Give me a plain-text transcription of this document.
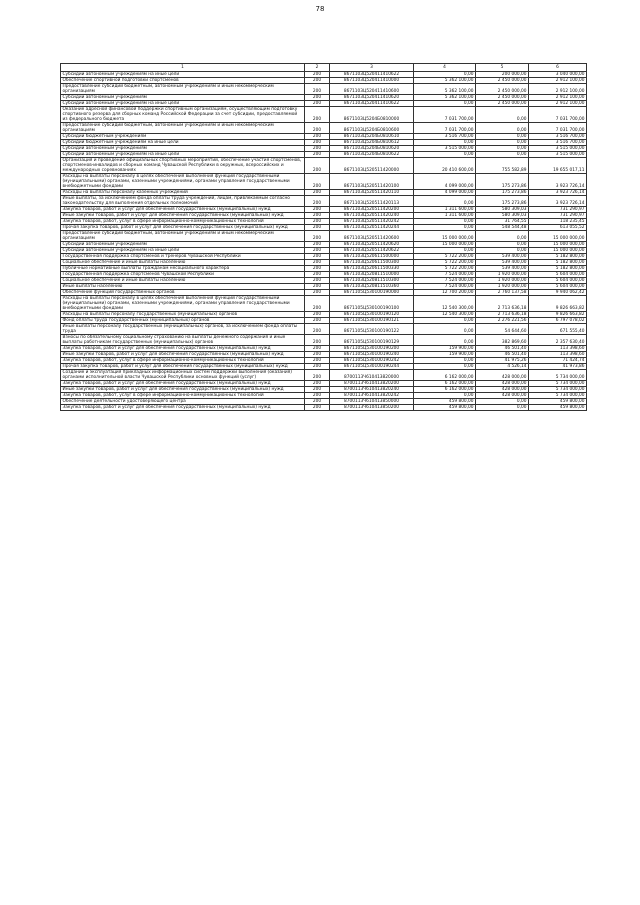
78
1	2	3	4	5	6
Субсидии автономным учреждениям на иные цели	200	8671103Ц520411410622	0,00	200 000,00	3 040 000,00
Обеспечение спортивной подготовки спортсменов	200	8671103Ц520411410000	5 362 100,00	2 450 000,00	2 912 100,00
Предоставление субсидий бюджетным, автономным учреждениям и иным некоммерческим организациям	200	8671103Ц520411410600	5 362 100,00	2 450 000,00	2 912 100,00
Субсидии автономным учреждениям	200	8671103Ц520411410620	5 362 100,00	2 450 000,00	2 912 100,00
Субсидии автономным учреждениям на иные цели	200	8671103Ц520411410622	0,00	2 450 000,00	2 912 100,00
Оказание адресной финансовой поддержки спортивным организациям, осуществляющим подготовку спортивного резерва для сборных команд Российской Федерации за счет субсидии, предоставляемой из федерального бюджета	200	8671103Ц5204Б0810000	7 031 700,00	0,00	7 031 700,00
Предоставление субсидий бюджетным, автономным учреждениям и иным некоммерческим организациям	200	8671103Ц5204Б0810600	7 031 700,00	0,00	7 031 700,00
Субсидии бюджетным учреждениям	200	8671103Ц5204Б0810610	3 516 700,00	0,00	3 516 700,00
Субсидии бюджетным учреждениям на иные цели	200	8671103Ц5204Б0810612	0,00	0,00	3 516 700,00
Субсидии автономным учреждениям	200	8671103Ц5204Б0810620	3 515 000,00	0,00	3 515 000,00
Субсидии автономным учреждениям на иные цели	200	8671103Ц5204Б0810622	0,00	0,00	3 515 000,00
Организация и проведение официальных спортивных мероприятий, обеспечение участия спортсменов, спортсменов-инвалидов и сборных команд Чувашской Республики в окружных, всероссийских и международных соревнованиях	200	8671103Ц520511420000	20 410 600,00	755 582,89	19 655 017,11
Расходы на выплаты персоналу в целях обеспечения выполнения функций государственными (муниципальными) органами, казенными учреждениями, органами управления государственными внебюджетными фондами	200	8671103Ц520511420100	4 099 000,00	175 273,86	3 923 726,14
Расходы на выплаты персоналу казенных учреждений	200	8671103Ц520511420110	4 099 000,00	175 273,86	3 923 726,14
Иные выплаты, за исключением фонда оплаты труда учреждений, лицам, привлекаемым согласно законодательству для выполнения отдельных полномочий	200	8671103Ц520511420113	0,00	175 273,86	3 923 726,14
Закупка товаров, работ и услуг для обеспечения государственных (муниципальных) нужд	200	8671103Ц520511420200	1 311 600,00	580 309,03	731 290,97
Иные закупки товаров, работ и услуг для обеспечения государственных (муниципальных) нужд	200	8671103Ц520511420240	1 311 600,00	580 309,03	731 290,97
Закупка товаров, работ, услуг в сфере информационно-коммуникационных технологий	200	8671103Ц520511420242	0,00	31 764,55	118 235,45
Прочая закупка товаров, работ и услуг для обеспечения государственных (муниципальных) нужд	200	8671103Ц520511420244	0,00	548 544,48	613 055,52
Предоставление субсидий бюджетным, автономным учреждениям и иным некоммерческим организациям	200	8671103Ц520511420600	15 000 000,00	0,00	15 000 000,00
Субсидии автономным учреждениям	200	8671103Ц520511420620	15 000 000,00	0,00	15 000 000,00
Субсидии автономным учреждениям на иные цели	200	8671103Ц520511420622	0,00	0,00	15 000 000,00
Государственная поддержка спортсменов и тренеров Чувашской Республики	200	8671103Ц520611500000	5 722 200,00	539 400,00	5 182 800,00
Социальное обеспечение и иные выплаты населению	200	8671103Ц520611500300	5 722 200,00	539 400,00	5 182 800,00
Публичные нормативные выплаты гражданам несоциального характера	200	8671103Ц520611500330	5 722 200,00	539 400,00	5 182 800,00
Государственная поддержка спортсменов Чувашской Республики	200	8671103Ц520811510000	7 524 000,00	1 920 000,00	5 604 000,00
Социальное обеспечение и иные выплаты населению	200	8671103Ц520811510300	7 524 000,00	1 920 000,00	5 604 000,00
Иные выплаты населению	200	8671103Ц520811510360	7 524 000,00	1 920 000,00	5 604 000,00
Обеспечение функций государственных органов	200	8671105Ц5З0100190000	12 700 200,00	2 760 137,58	9 940 062,42
Расходы на выплаты персоналу в целях обеспечения выполнения функций государственными (муниципальными) органами, казенными учреждениями, органами управления государственными внебюджетными фондами	200	8671105Ц5З0100190100	12 540 300,00	2 713 636,18	9 826 663,82
Расходы на выплаты персоналу государственных (муниципальных) органов	200	8671105Ц5З0100190120	12 540 300,00	2 713 636,18	9 826 663,82
Фонд оплаты труда государственных (муниципальных) органов	200	8671105Ц5З0100190121	0,00	2 276 221,56	6 797 078,02
Иные выплаты персоналу государственных (муниципальных) органов, за исключением фонда оплаты труда	200	8671105Ц5З0100190122	0,00	54 644,60	671 555,40
Взносы по обязательному социальному страхованию на выплаты денежного содержания и иные выплаты работникам государственных (муниципальных) органов	200	8671105Ц5З0100190129	0,00	382 869,60	2 357 630,40
Закупка товаров, работ и услуг для обеспечения государственных (муниципальных) нужд	200	8671105Ц5З0100190200	159 900,00	46 501,40	113 398,60
Иные закупки товаров, работ и услуг для обеспечения государственных (муниципальных) нужд	200	8671105Ц5З0100190240	159 900,00	46 501,40	113 398,60
Закупка товаров, работ, услуг в сфере информационно-коммуникационных технологий	200	8671105Ц5З0100190242	0,00	41 975,26	71 424,74
Прочая закупка товаров, работ и услуг для обеспечения государственных (муниципальных) нужд	200	8671105Ц5З0100190244	0,00	4 526,14	41 973,86
Создание и эксплуатация прикладных информационных систем поддержки выполнения (оказания) органами исполнительной власти Чувашской Республики основных функций (услуг)	200	8700113Ч610413820000	6 162 000,00	428 000,00	5 734 000,00
Закупка товаров, работ и услуг для обеспечения государственных (муниципальных) нужд	200	8700113Ч610413820200	6 162 000,00	428 000,00	5 734 000,00
Иные закупки товаров, работ и услуг для обеспечения государственных (муниципальных) нужд	200	8700113Ч610413820240	6 162 000,00	428 000,00	5 734 000,00
Закупка товаров, работ, услуг в сфере информационно-коммуникационных технологий	200	8700113Ч610413820242	0,00	428 000,00	5 734 000,00
Обеспечение деятельности удостоверяющего центра	200	8700113Ч610413850000	459 800,00	0,00	459 800,00
Закупка товаров, работ и услуг для обеспечения государственных (муниципальных) нужд	200	8700113Ч610413850200	459 800,00	0,00	459 800,00
